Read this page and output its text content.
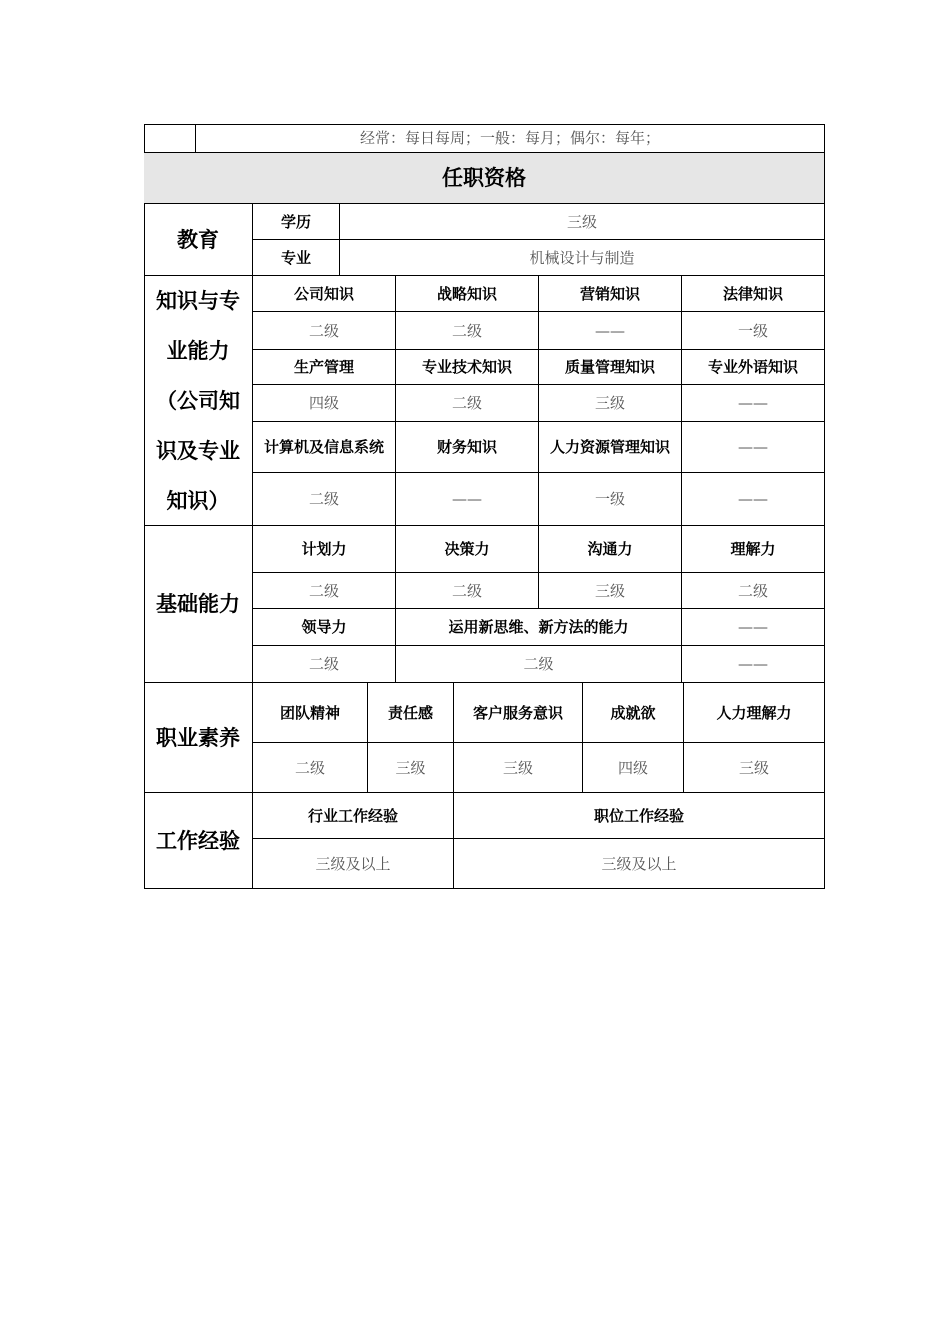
经常：每日每周；一般：每月；偶尔：每年；
任职资格
教育
学历	三级
专业	机械设计与制造
知识与专
业能力
（公司知
识及专业
知识）
公司知识	战略知识	营销知识	法律知识
二级	二级	——	一级
生产管理	专业技术知识	质量管理知识	专业外语知识
四级	二级	三级	——
计算机及信息系统	财务知识	人力资源管理知识	——
二级	——	一级	——
基础能力
计划力	决策力	沟通力	理解力
二级	二级	三级	二级
领导力	运用新思维、新方法的能力	——
二级	二级	——
职业素养
团队精神	责任感	客户服务意识	成就欲	人力理解力
二级	三级	三级	四级	三级
工作经验
行业工作经验	职位工作经验
三级及以上	三级及以上
